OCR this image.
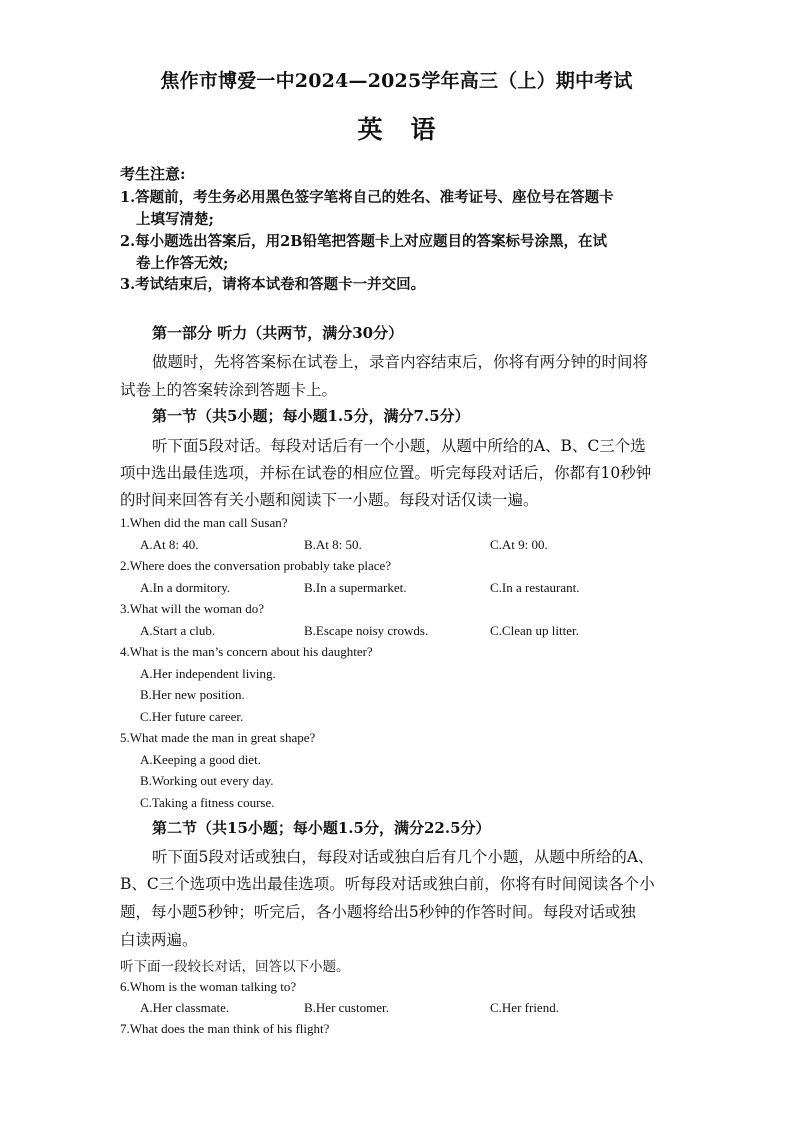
焦作市博爱一中2024—2025学年高三（上）期中考试
英语
考生注意:
1.答题前，考生务必用黑色签字笔将自己的姓名、准考证号、座位号在答题卡
上填写清楚;
2.每小题选出答案后，用2B铅笔把答题卡上对应题目的答案标号涂黑，在试
卷上作答无效;
3.考试结束后，请将本试卷和答题卡一并交回。
第一部分 听力（共两节，满分30分）
做题时，先将答案标在试卷上，录音内容结束后，你将有两分钟的时间将
试卷上的答案转涂到答题卡上。
第一节（共5小题；每小题1.5分，满分7.5分）
听下面5段对话。每段对话后有一个小题，从题中所给的A、B、C三个选
项中选出最佳选项，并标在试卷的相应位置。听完每段对话后，你都有10秒钟
的时间来回答有关小题和阅读下一小题。每段对话仅读一遍。
1.When did the man call Susan?
A.At 8: 40.	B.At 8: 50.	C.At 9: 00.
2.Where does the conversation probably take place?
A.In a dormitory.	B.In a supermarket.	C.In a restaurant.
3.What will the woman do?
A.Start a club.	B.Escape noisy crowds.	C.Clean up litter.
4.What is the man’s concern about his daughter?
A.Her independent living.
B.Her new position.
C.Her future career.
5.What made the man in great shape?
A.Keeping a good diet.
B.Working out every day.
C.Taking a fitness course.
第二节（共15小题；每小题1.5分，满分22.5分）
听下面5段对话或独白，每段对话或独白后有几个小题，从题中所给的A、
B、C三个选项中选出最佳选项。听每段对话或独白前，你将有时间阅读各个小
题，每小题5秒钟；听完后，各小题将给出5秒钟的作答时间。每段对话或独
白读两遍。
听下面一段较长对话，回答以下小题。
6.Whom is the woman talking to?
A.Her classmate.	B.Her customer.	C.Her friend.
7.What does the man think of his flight?
